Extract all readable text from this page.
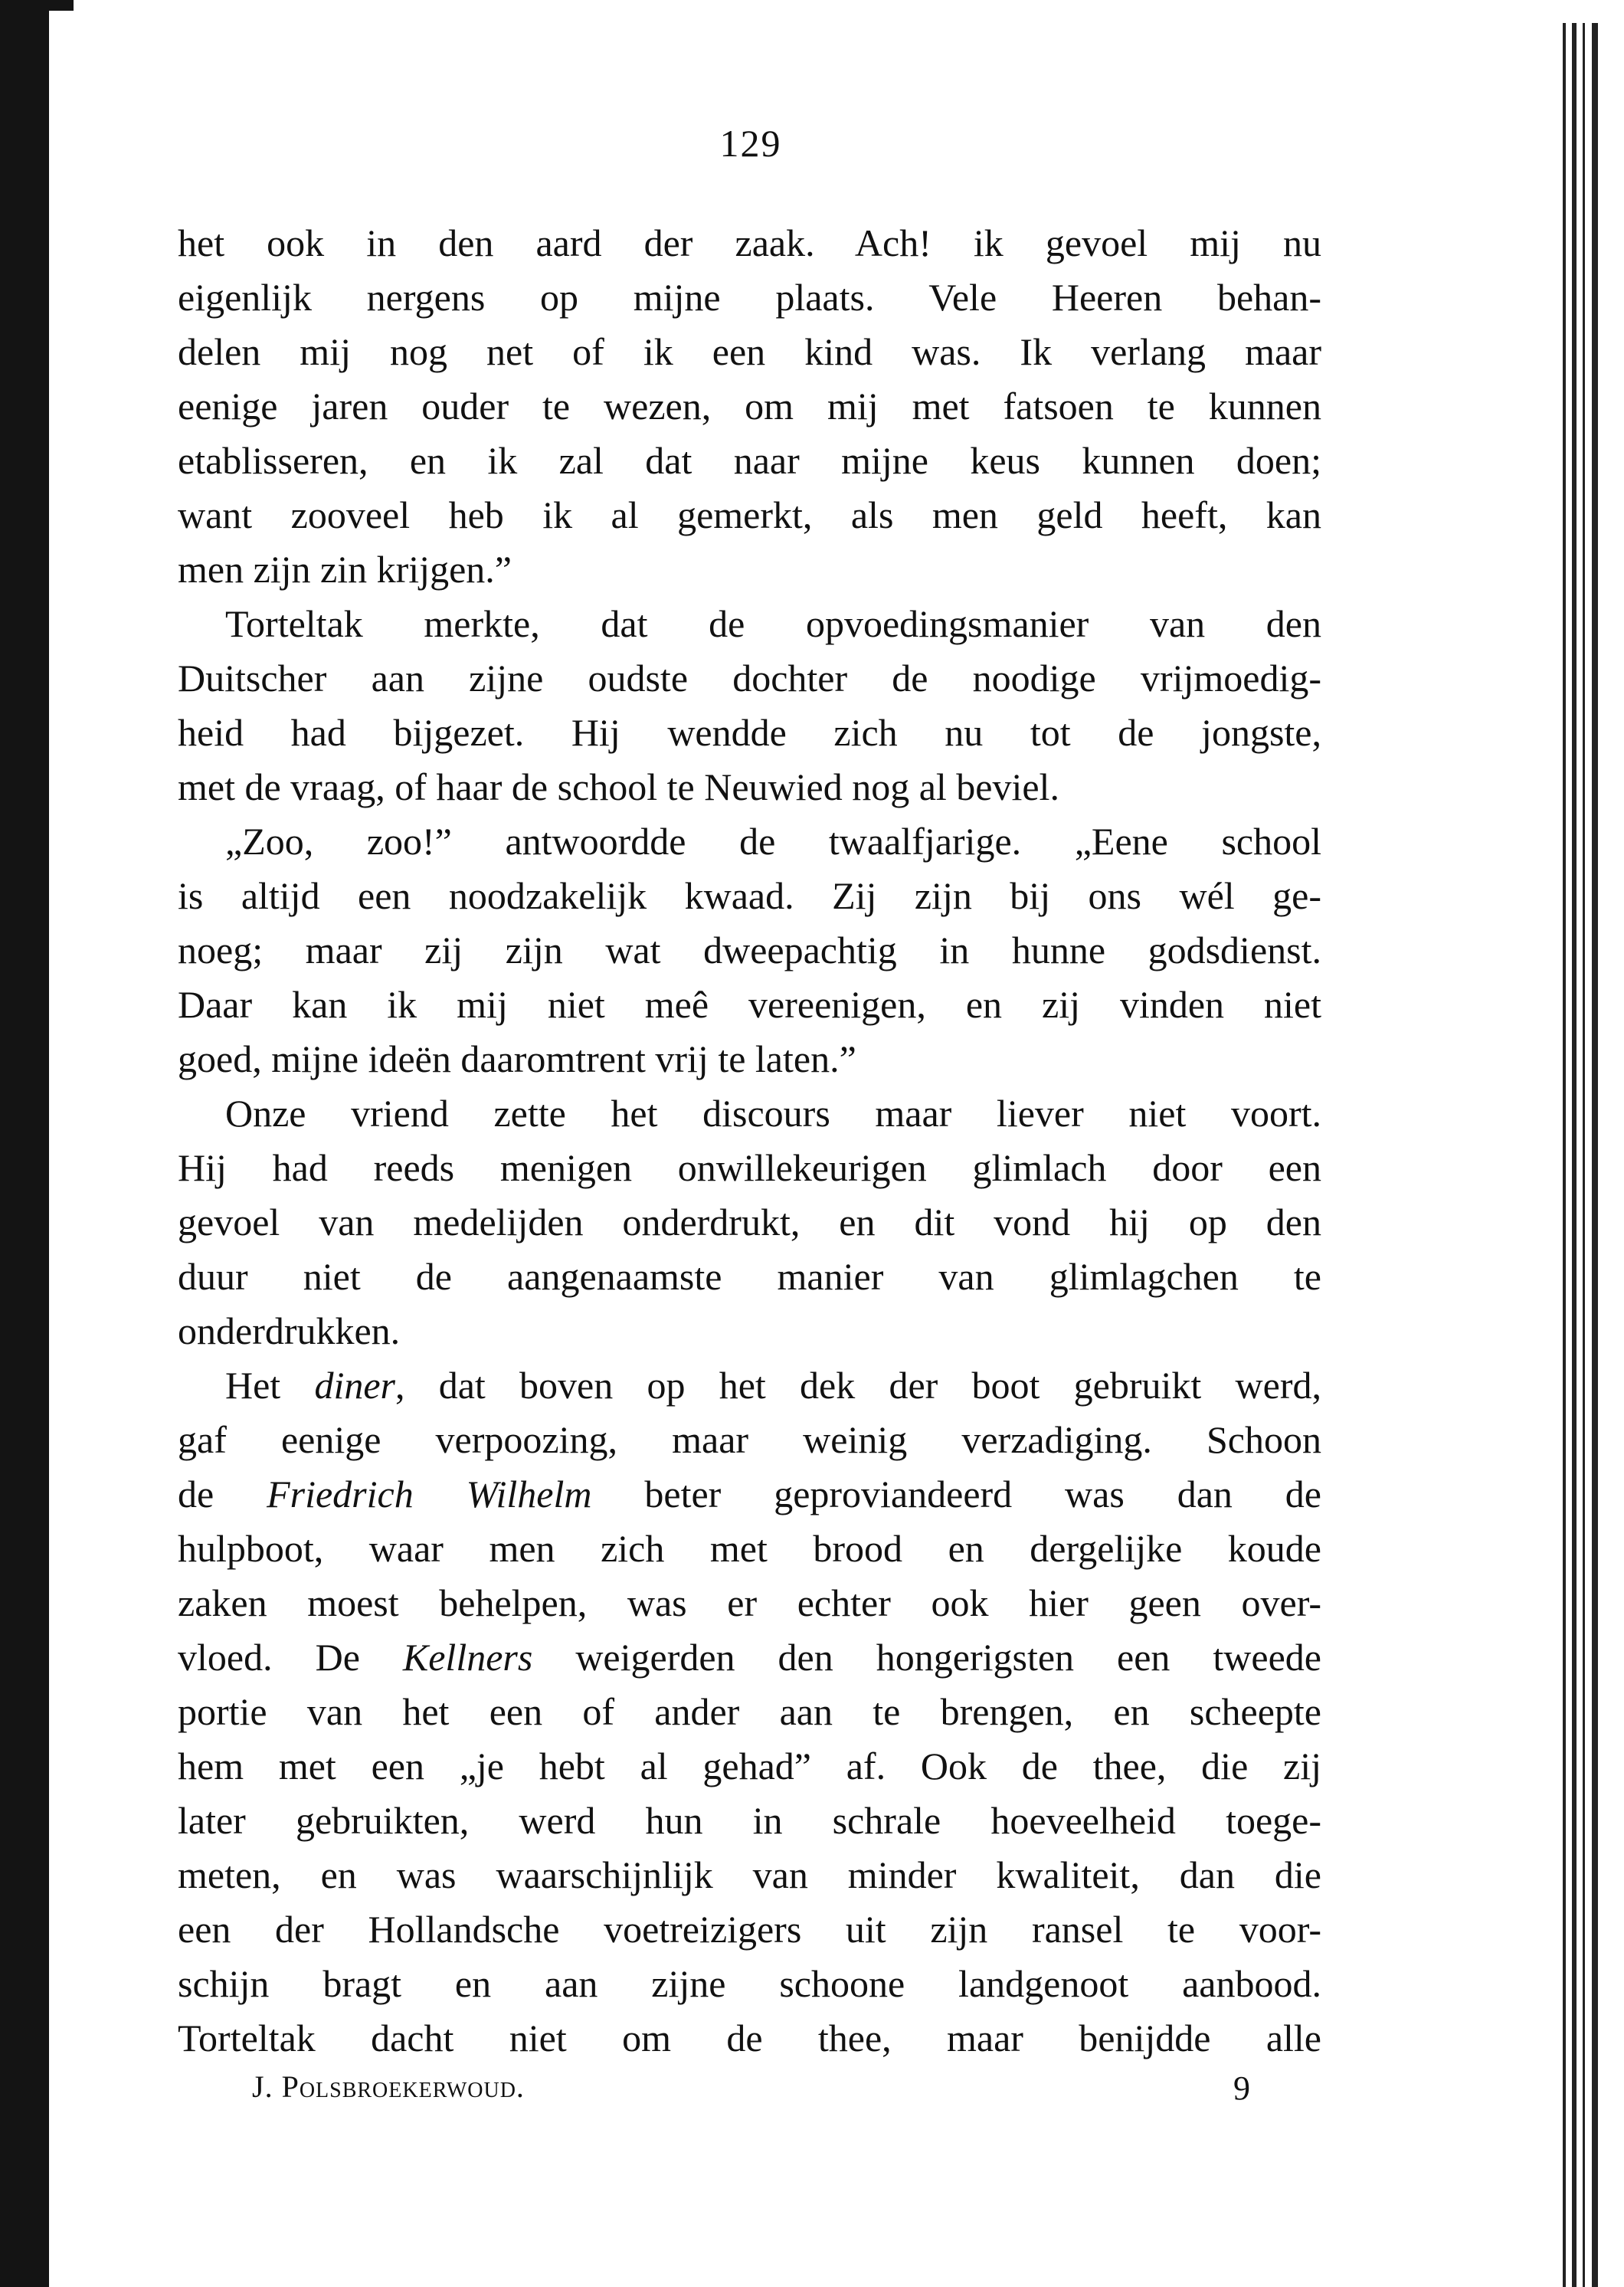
129
het ook in den aard der zaak. Ach! ik gevoel mij nu
eigenlijk nergens op mijne plaats. Vele Heeren behan-
delen mij nog net of ik een kind was. Ik verlang maar
eenige jaren ouder te wezen, om mij met fatsoen te kunnen
etablisseren, en ik zal dat naar mijne keus kunnen doen;
want zooveel heb ik al gemerkt, als men geld heeft, kan
men zijn zin krijgen.”
Torteltak merkte, dat de opvoedingsmanier van den
Duitscher aan zijne oudste dochter de noodige vrijmoedig-
heid had bijgezet. Hij wendde zich nu tot de jongste,
met de vraag, of haar de school te Neuwied nog al beviel.
„Zoo, zoo!” antwoordde de twaalfjarige. „Eene school
is altijd een noodzakelijk kwaad. Zij zijn bij ons wél ge-
noeg; maar zij zijn wat dweepachtig in hunne godsdienst.
Daar kan ik mij niet meê vereenigen, en zij vinden niet
goed, mijne ideën daaromtrent vrij te laten.”
Onze vriend zette het discours maar liever niet voort.
Hij had reeds menigen onwillekeurigen glimlach door een
gevoel van medelijden onderdrukt, en dit vond hij op den
duur niet de aangenaamste manier van glimlagchen te
onderdrukken.
Het diner, dat boven op het dek der boot gebruikt werd,
gaf eenige verpoozing, maar weinig verzadiging. Schoon
de Friedrich Wilhelm beter geproviandeerd was dan de
hulpboot, waar men zich met brood en dergelijke koude
zaken moest behelpen, was er echter ook hier geen over-
vloed. De Kellners weigerden den hongerigsten een tweede
portie van het een of ander aan te brengen, en scheepte
hem met een „je hebt al gehad” af. Ook de thee, die zij
later gebruikten, werd hun in schrale hoeveelheid toege-
meten, en was waarschijnlijk van minder kwaliteit, dan die
een der Hollandsche voetreizigers uit zijn ransel te voor-
schijn bragt en aan zijne schoone landgenoot aanbood.
Torteltak dacht niet om de thee, maar benijdde alle
J. Polsbroekerwoud.	9
